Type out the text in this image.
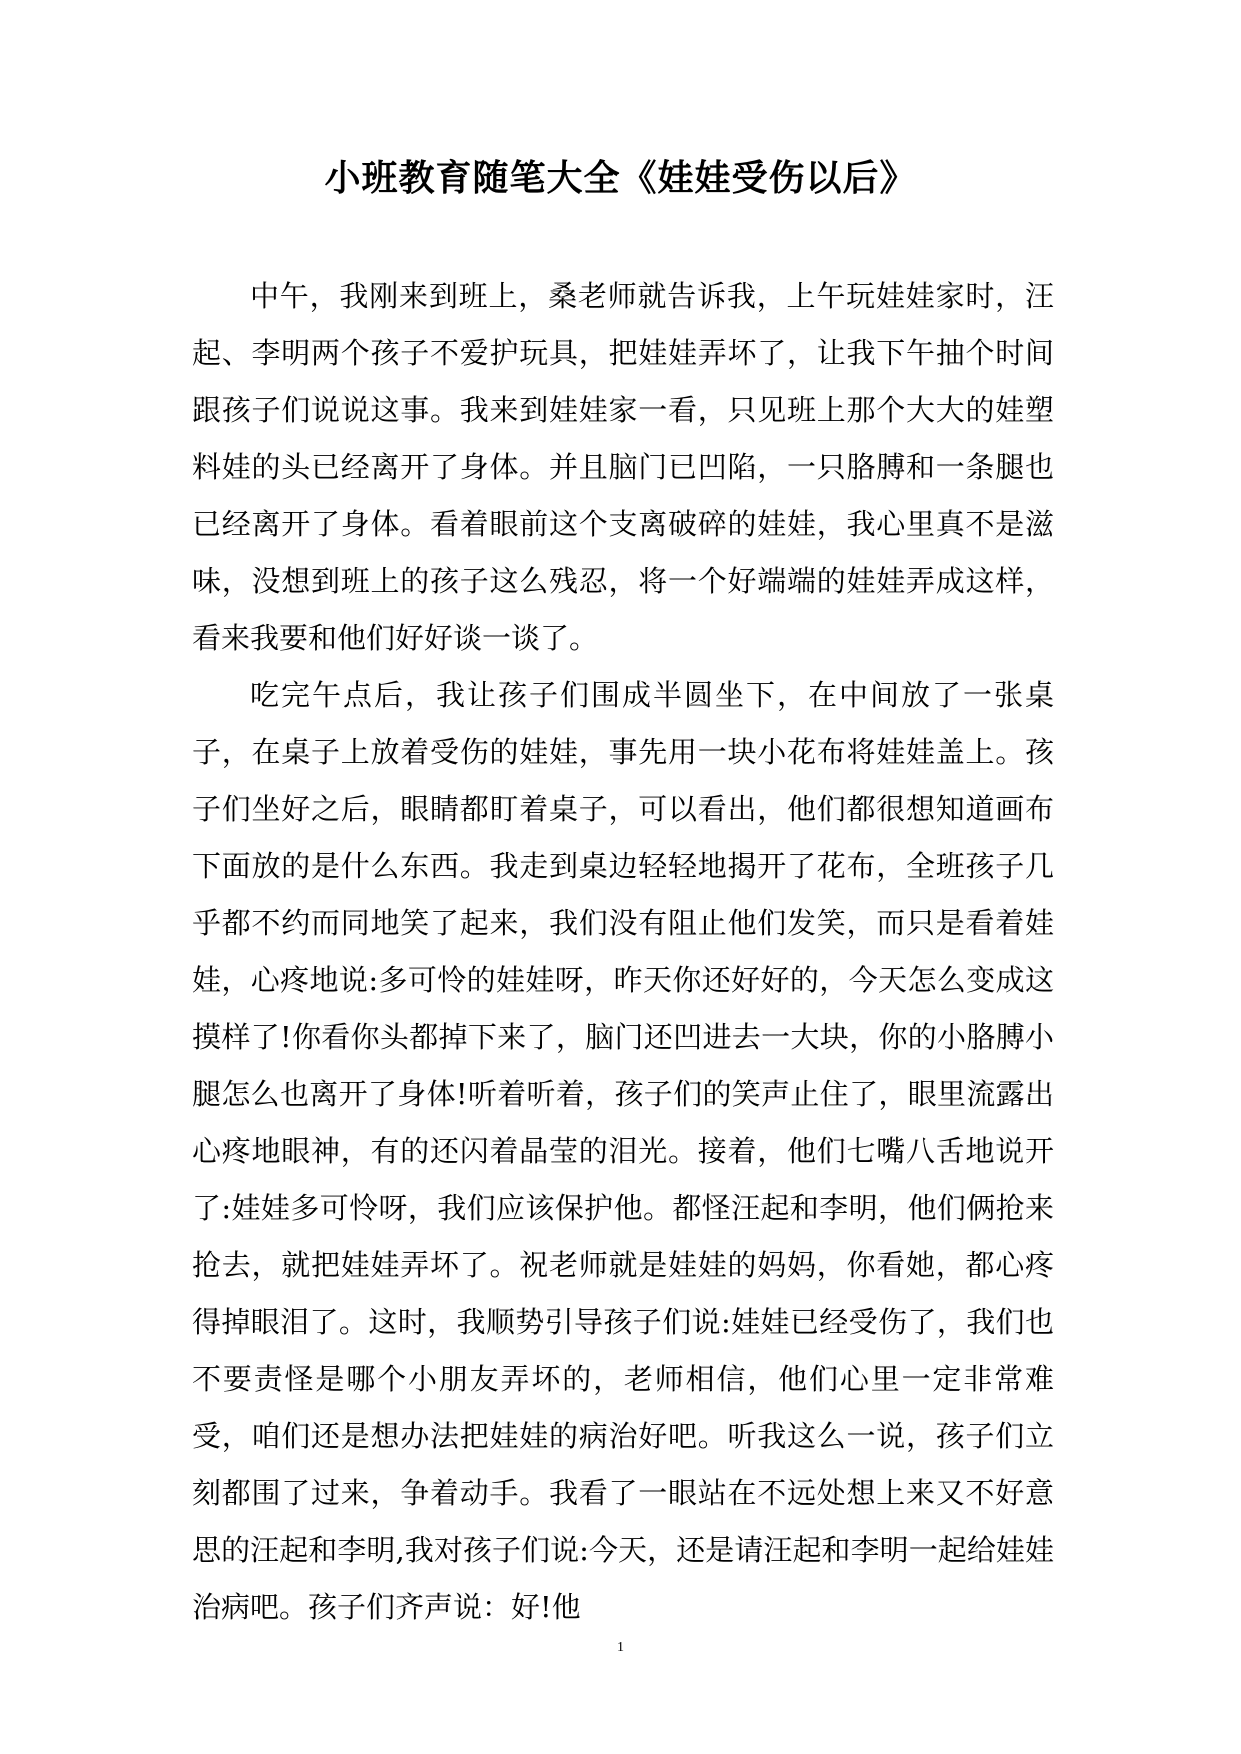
小班教育随笔大全《娃娃受伤以后》

中午，我刚来到班上，桑老师就告诉我，上午玩娃娃家时，汪起、李明两个孩子不爱护玩具，把娃娃弄坏了，让我下午抽个时间跟孩子们说说这事。我来到娃娃家一看，只见班上那个大大的娃塑料娃的头已经离开了身体。并且脑门已凹陷，一只胳膊和一条腿也已经离开了身体。看着眼前这个支离破碎的娃娃，我心里真不是滋味，没想到班上的孩子这么残忍，将一个好端端的娃娃弄成这样，看来我要和他们好好谈一谈了。

吃完午点后，我让孩子们围成半圆坐下，在中间放了一张桌子，在桌子上放着受伤的娃娃，事先用一块小花布将娃娃盖上。孩子们坐好之后，眼睛都盯着桌子，可以看出，他们都很想知道画布下面放的是什么东西。我走到桌边轻轻地揭开了花布，全班孩子几乎都不约而同地笑了起来，我们没有阻止他们发笑，而只是看着娃娃，心疼地说:多可怜的娃娃呀，昨天你还好好的，今天怎么变成这摸样了!你看你头都掉下来了，脑门还凹进去一大块，你的小胳膊小腿怎么也离开了身体!听着听着，孩子们的笑声止住了，眼里流露出心疼地眼神，有的还闪着晶莹的泪光。接着，他们七嘴八舌地说开了:娃娃多可怜呀，我们应该保护他。都怪汪起和李明，他们俩抢来抢去，就把娃娃弄坏了。祝老师就是娃娃的妈妈，你看她，都心疼得掉眼泪了。这时，我顺势引导孩子们说:娃娃已经受伤了，我们也不要责怪是哪个小朋友弄坏的，老师相信，他们心里一定非常难受，咱们还是想办法把娃娃的病治好吧。听我这么一说，孩子们立刻都围了过来，争着动手。我看了一眼站在不远处想上来又不好意思的汪起和李明,我对孩子们说:今天，还是请汪起和李明一起给娃娃治病吧。孩子们齐声说：好!他

1
